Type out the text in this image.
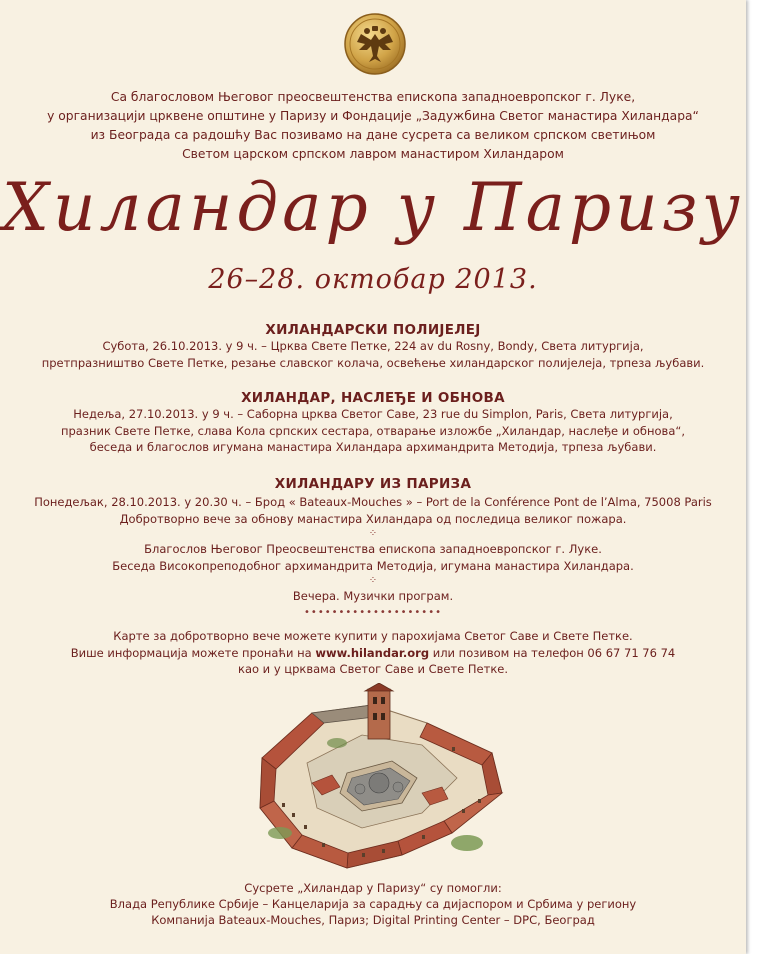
Са благословом Његовог преосвештенства епископа западноевропског г. Луке,
у организацији црквене општине у Паризу и Фондације „Задужбина Светог манастира Хиландара“
из Београда са радошћу Вас позивамо на дане сусрета са великом српском светињом
Светом царском српском лавром манастиром Хиландаром
Хиландар у Паризу
26–28. октобар 2013.
ХИЛАНДАРСКИ ПОЛИЈЕЛЕЈ
Субота, 26.10.2013. у 9 ч. – Црква Свете Петке, 224 av du Rosny, Bondy, Света литургија,
претпразништво Свете Петке, резање славског колача, освећење хиландарског полијелеја, трпеза љубави.
ХИЛАНДАР, НАСЛЕЂЕ И ОБНОВА
Недеља, 27.10.2013. у 9 ч. – Саборна црква Светог Саве, 23 rue du Simplon, Paris, Света литургија,
празник Свете Петке, слава Кола српских сестара, отварање изложбе „Хиландар, наслеђе и обнова“,
беседа и благослов игумана манастира Хиландара архимандрита Методија, трпеза љубави.
ХИЛАНДАРУ ИЗ ПАРИЗА
Понедељак, 28.10.2013. у 20.30 ч. – Брод « Bateaux-Mouches » – Port de la Conférence Pont de l’Alma, 75008 Paris
Добротворно вече за обнову манастира Хиландара од последица великог пожара.
⁘
Благослов Његовог Преосвештенства епископа западноевропског г. Луке.
Беседа Високопреподобног архимандрита Методија, игумана манастира Хиландара.
⁘
Вечера. Музички програм.
••••••••••••••••••••
Карте за добротворно вече можете купити у парохијама Светог Саве и Свете Петке.
Више информација можете пронаћи на www.hilandar.org или позивом на телефон 06 67 71 76 74
као и у црквама Светог Саве и Свете Петке.
Сусрете „Хиландар у Паризу“ су помогли:
Влада Републике Србије – Канцеларија за сарадњу са дијаспором и Србима у региону
Компанија Bateaux-Mouches, Париз; Digital Printing Center – DPC, Београд
